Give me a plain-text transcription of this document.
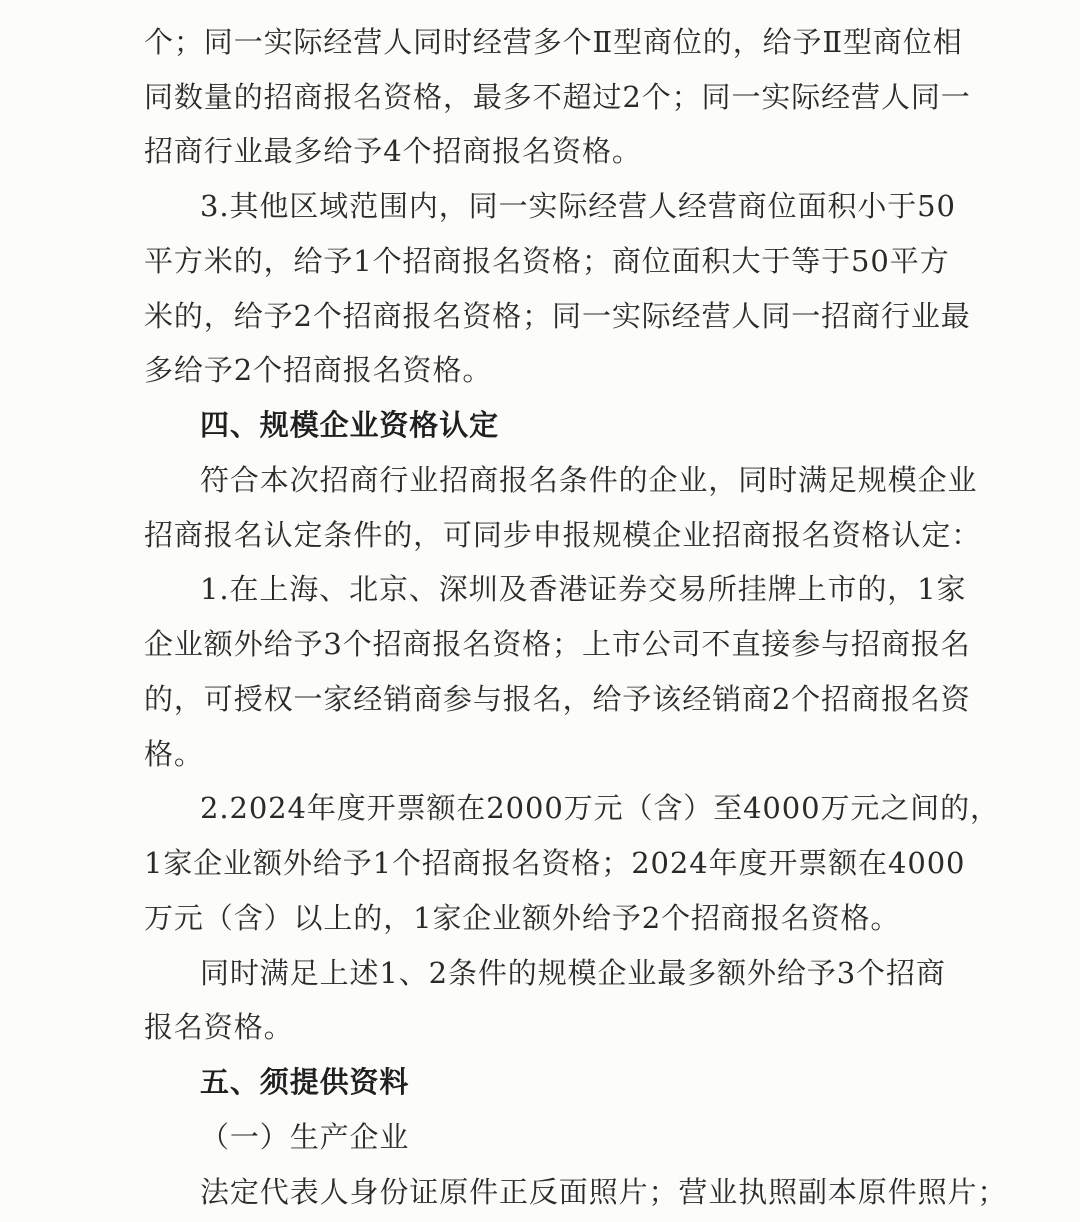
个；同一实际经营人同时经营多个Ⅱ型商位的，给予Ⅱ型商位相
同数量的招商报名资格，最多不超过2个；同一实际经营人同一
招商行业最多给予4个招商报名资格。
3.其他区域范围内，同一实际经营人经营商位面积小于50
平方米的，给予1个招商报名资格；商位面积大于等于50平方
米的，给予2个招商报名资格；同一实际经营人同一招商行业最
多给予2个招商报名资格。
四、规模企业资格认定
符合本次招商行业招商报名条件的企业，同时满足规模企业
招商报名认定条件的，可同步申报规模企业招商报名资格认定：
1.在上海、北京、深圳及香港证券交易所挂牌上市的，1家
企业额外给予3个招商报名资格；上市公司不直接参与招商报名
的，可授权一家经销商参与报名，给予该经销商2个招商报名资
格。
2.2024年度开票额在2000万元（含）至4000万元之间的，
1家企业额外给予1个招商报名资格；2024年度开票额在4000
万元（含）以上的，1家企业额外给予2个招商报名资格。
同时满足上述1、2条件的规模企业最多额外给予3个招商
报名资格。
五、须提供资料
（一）生产企业
法定代表人身份证原件正反面照片；营业执照副本原件照片；
